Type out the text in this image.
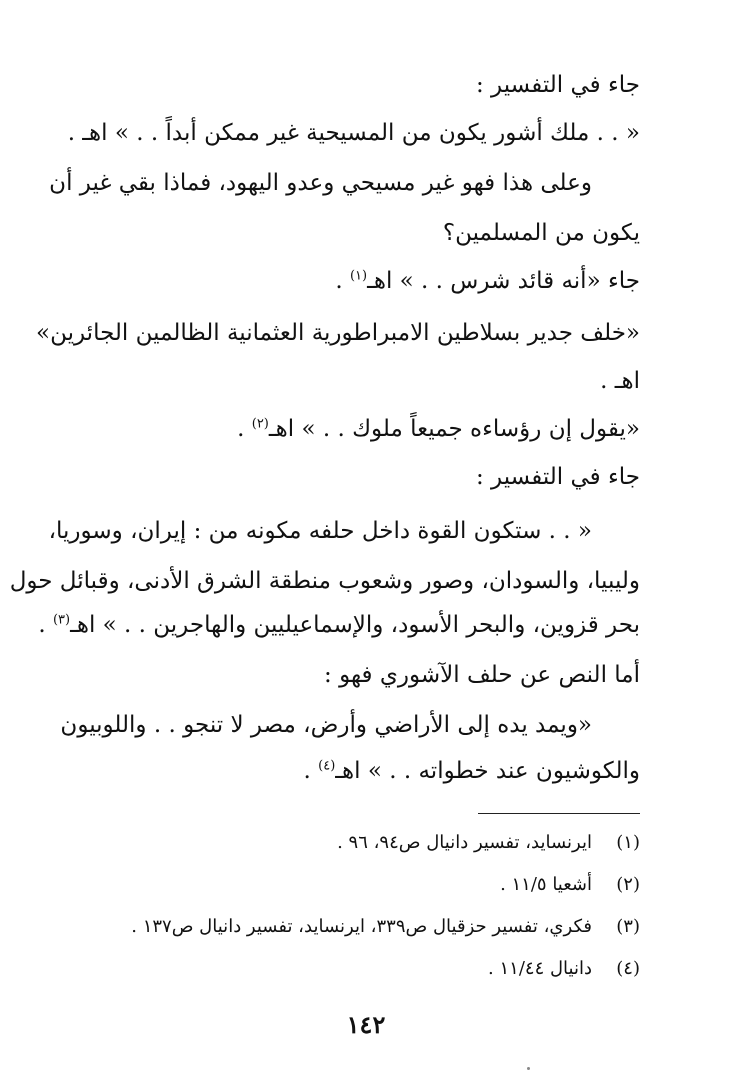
جاء في التفسير :
« . . ملك أشور يكون من المسيحية غير ممكن أبداً . . » اهـ .
وعلى هذا فهو غير مسيحي وعدو اليهود، فماذا بقي غير أن
يكون من المسلمين؟
جاء «أنه قائد شرس . . » اهـ$^{(١)}$ .
«خلف جدير بسلاطين الامبراطورية العثمانية الظالمين الجائرين»
اهـ .
«يقول إن رؤساءه جميعاً ملوك . . » اهـ$^{(٢)}$ .
جاء في التفسير :
« . . ستكون القوة داخل حلفه مكونه من : إيران، وسوريا،
وليبيا، والسودان، وصور وشعوب منطقة الشرق الأدنى، وقبائل حول
بحر قزوين، والبحر الأسود، والإسماعيليين والهاجرين . . » اهـ$^{(٣)}$ .
أما النص عن حلف الآشوري فهو :
«ويمد يده إلى الأراضي وأرض، مصر لا تنجو . . واللوبيون
والكوشيون عند خطواته . . » اهـ$^{(٤)}$ .
(١)ايرنسايد، تفسير دانيال ص٩٤، ٩٦ .
(٢)أشعيا ١١/٥ .
(٣)فكري، تفسير حزقيال ص٣٣٩، ايرنسايد، تفسير دانيال ص١٣٧ .
(٤)دانيال ١١/٤٤ .
١٤٢
